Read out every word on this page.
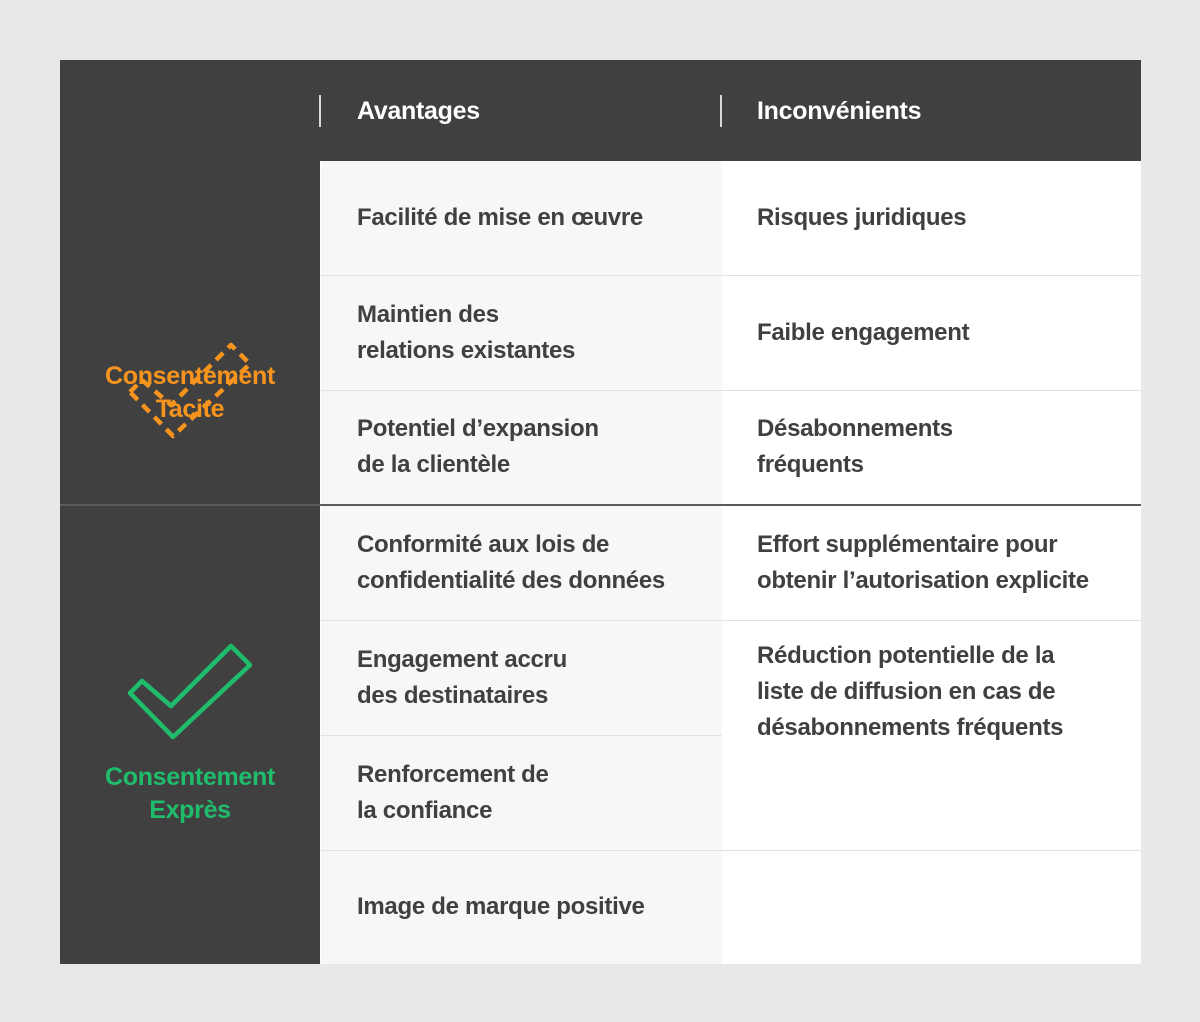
Avantages	Inconvénients
Consentement
Tacite
Facilité de mise en œuvre
Maintien des
relations existantes
Potentiel d’expansion
de la clientèle
Risques juridiques
Faible engagement
Désabonnements
fréquents
Consentement
Exprès
Conformité aux lois de
confidentialité des données
Engagement accru
des destinataires
Renforcement de
la confiance
Image de marque positive
Effort supplémentaire pour
obtenir l’autorisation explicite
Réduction potentielle de la
liste de diffusion en cas de
désabonnements fréquents
